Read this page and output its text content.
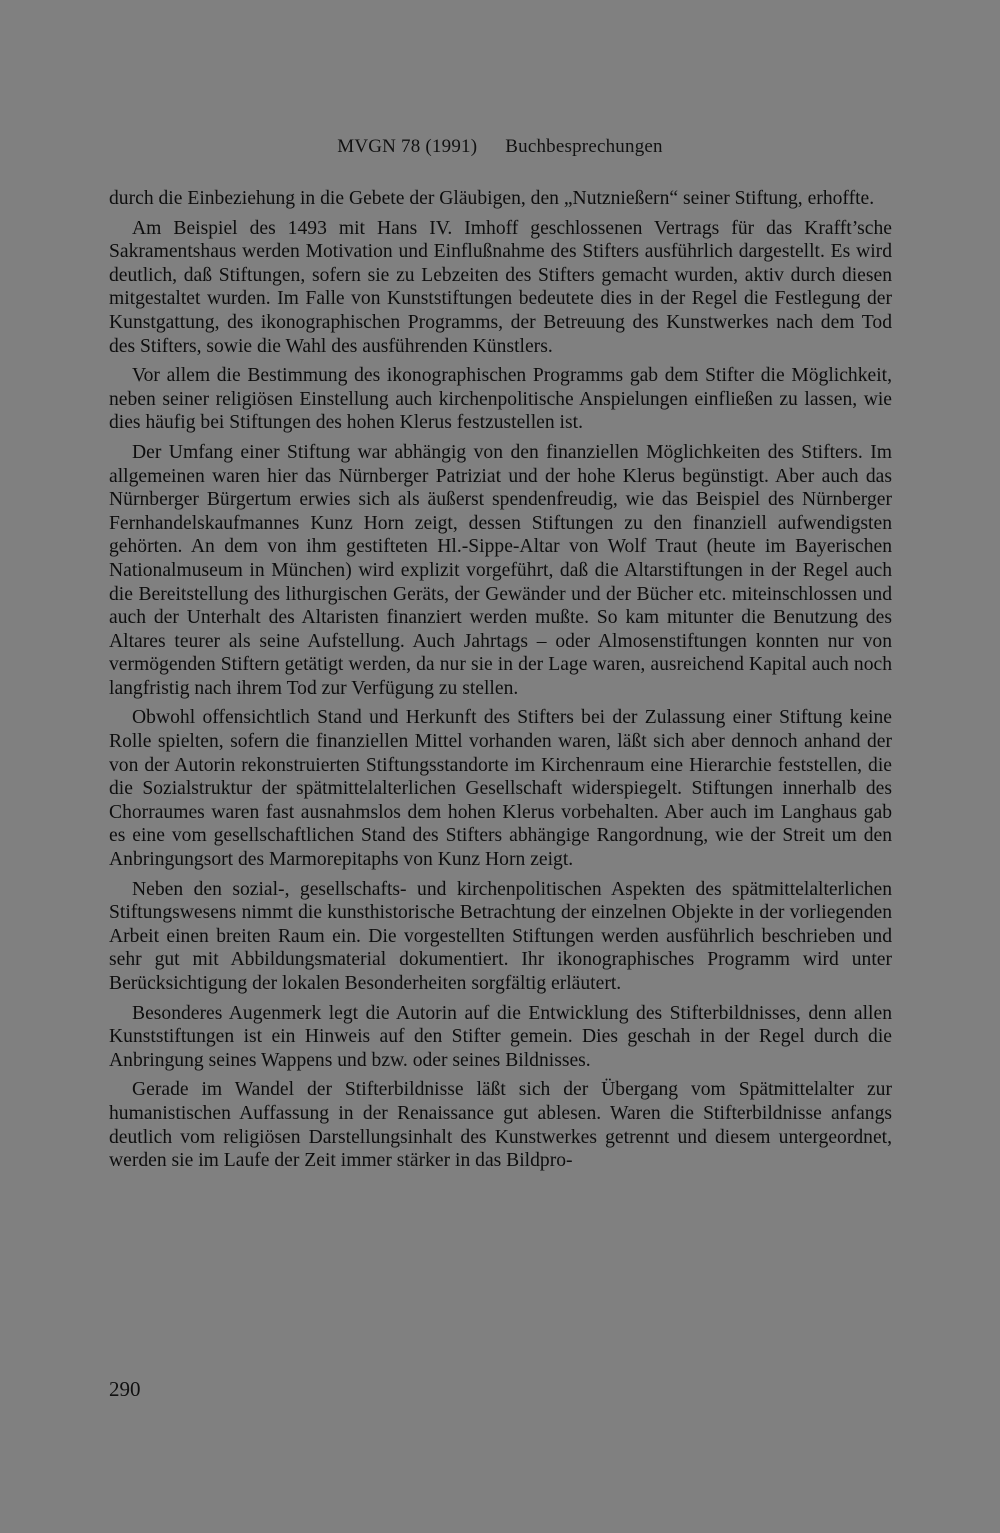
MVGN 78 (1991) Buchbesprechungen

durch die Einbeziehung in die Gebete der Gläubigen, den „Nutznießern“ seiner Stiftung, erhoffte.

Am Beispiel des 1493 mit Hans IV. Imhoff geschlossenen Vertrags für das Krafft’sche Sakramentshaus werden Motivation und Einflußnahme des Stifters ausführlich dargestellt. Es wird deutlich, daß Stiftungen, sofern sie zu Lebzeiten des Stifters gemacht wurden, aktiv durch diesen mitgestaltet wurden. Im Falle von Kunststiftungen bedeutete dies in der Regel die Festlegung der Kunstgattung, des ikonographischen Programms, der Betreuung des Kunstwerkes nach dem Tod des Stifters, sowie die Wahl des ausführenden Künstlers.

Vor allem die Bestimmung des ikonographischen Programms gab dem Stifter die Möglichkeit, neben seiner religiösen Einstellung auch kirchenpolitische Anspielungen einfließen zu lassen, wie dies häufig bei Stiftungen des hohen Klerus festzustellen ist.

Der Umfang einer Stiftung war abhängig von den finanziellen Möglichkeiten des Stifters. Im allgemeinen waren hier das Nürnberger Patriziat und der hohe Klerus begünstigt. Aber auch das Nürnberger Bürgertum erwies sich als äußerst spendenfreudig, wie das Beispiel des Nürnberger Fernhandelskaufmannes Kunz Horn zeigt, dessen Stiftungen zu den finanziell aufwendigsten gehörten. An dem von ihm gestifteten Hl.-Sippe-Altar von Wolf Traut (heute im Bayerischen Nationalmuseum in München) wird explizit vorgeführt, daß die Altarstiftungen in der Regel auch die Bereitstellung des lithurgischen Geräts, der Gewänder und der Bücher etc. miteinschlossen und auch der Unterhalt des Altaristen finanziert werden mußte. So kam mitunter die Benutzung des Altares teurer als seine Aufstellung. Auch Jahrtags – oder Almosenstiftungen konnten nur von vermögenden Stiftern getätigt werden, da nur sie in der Lage waren, ausreichend Kapital auch noch langfristig nach ihrem Tod zur Verfügung zu stellen.

Obwohl offensichtlich Stand und Herkunft des Stifters bei der Zulassung einer Stiftung keine Rolle spielten, sofern die finanziellen Mittel vorhanden waren, läßt sich aber dennoch anhand der von der Autorin rekonstruierten Stiftungsstandorte im Kirchenraum eine Hierarchie feststellen, die die Sozialstruktur der spätmittelalterlichen Gesellschaft widerspiegelt. Stiftungen innerhalb des Chorraumes waren fast ausnahmslos dem hohen Klerus vorbehalten. Aber auch im Langhaus gab es eine vom gesellschaftlichen Stand des Stifters abhängige Rangordnung, wie der Streit um den Anbringungsort des Marmorepitaphs von Kunz Horn zeigt.

Neben den sozial-, gesellschafts- und kirchenpolitischen Aspekten des spätmittelalterlichen Stiftungswesens nimmt die kunsthistorische Betrachtung der einzelnen Objekte in der vorliegenden Arbeit einen breiten Raum ein. Die vorgestellten Stiftungen werden ausführlich beschrieben und sehr gut mit Abbildungsmaterial dokumentiert. Ihr ikonographisches Programm wird unter Berücksichtigung der lokalen Besonderheiten sorgfältig erläutert.

Besonderes Augenmerk legt die Autorin auf die Entwicklung des Stifterbildnisses, denn allen Kunststiftungen ist ein Hinweis auf den Stifter gemein. Dies geschah in der Regel durch die Anbringung seines Wappens und bzw. oder seines Bildnisses.

Gerade im Wandel der Stifterbildnisse läßt sich der Übergang vom Spätmittelalter zur humanistischen Auffassung in der Renaissance gut ablesen. Waren die Stifterbildnisse anfangs deutlich vom religiösen Darstellungsinhalt des Kunstwerkes getrennt und diesem untergeordnet, werden sie im Laufe der Zeit immer stärker in das Bildpro-

290
